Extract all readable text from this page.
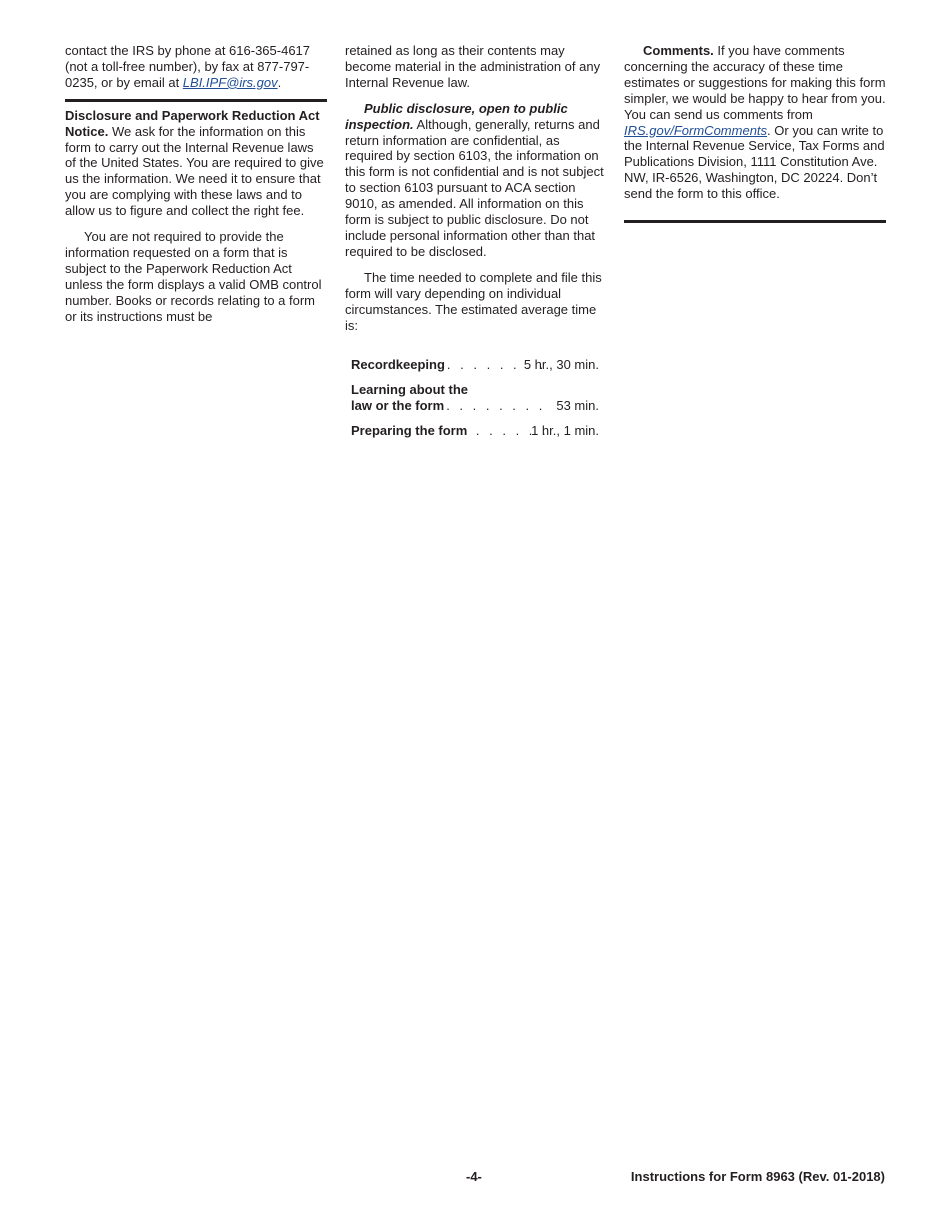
contact the IRS by phone at 616-365-4617 (not a toll-free number), by fax at 877-797-0235, or by email at LBI.IPF@irs.gov.

Disclosure and Paperwork Reduction Act Notice. We ask for the information on this form to carry out the Internal Revenue laws of the United States. You are required to give us the information. We need it to ensure that you are complying with these laws and to allow us to figure and collect the right fee.

You are not required to provide the information requested on a form that is subject to the Paperwork Reduction Act unless the form displays a valid OMB control number. Books or records relating to a form or its instructions must be

retained as long as their contents may become material in the administration of any Internal Revenue law.

Public disclosure, open to public inspection. Although, generally, returns and return information are confidential, as required by section 6103, the information on this form is not confidential and is not subject to section 6103 pursuant to ACA section 9010, as amended. All information on this form is subject to public disclosure. Do not include personal information other than that required to be disclosed.

The time needed to complete and file this form will vary depending on individual circumstances. The estimated average time is:

Recordkeeping . . . . . . . .
5 hr., 30 min.
Learning about the
law or the form . . . . . . . . 53 min.
Preparing the form . . . . . .
1 hr., 1 min.

Comments. If you have comments concerning the accuracy of these time estimates or suggestions for making this form simpler, we would be happy to hear from you. You can send us comments from IRS.gov/FormComments. Or you can write to the Internal Revenue Service, Tax Forms and Publications Division, 1111 Constitution Ave. NW, IR-6526, Washington, DC 20224. Don’t send the form to this office.

-4-	Instructions for Form 8963 (Rev. 01-2018)
